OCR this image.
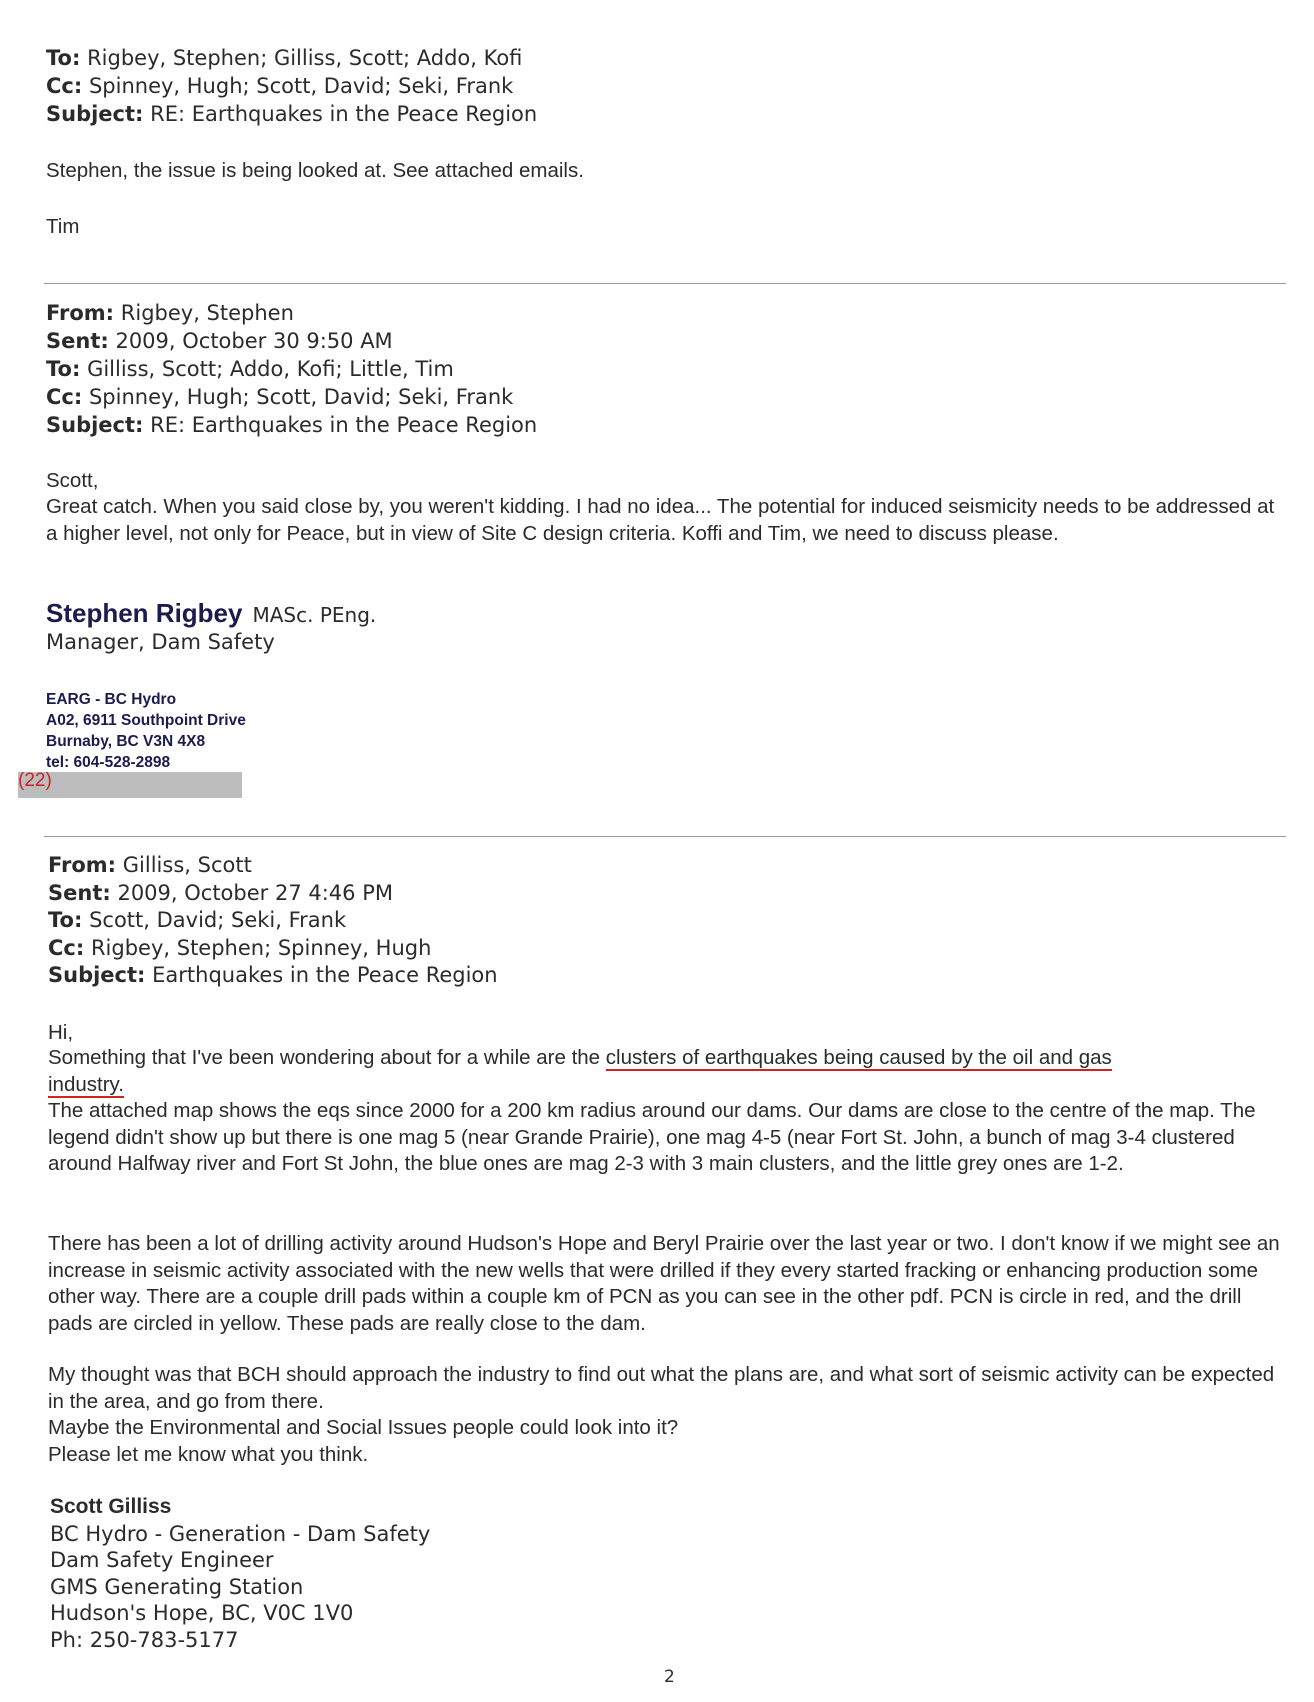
To: Rigbey, Stephen; Gilliss, Scott; Addo, Kofi
Cc: Spinney, Hugh; Scott, David; Seki, Frank
Subject: RE: Earthquakes in the Peace Region
Stephen, the issue is being looked at. See attached emails.
Tim
From: Rigbey, Stephen
Sent: 2009, October 30 9:50 AM
To: Gilliss, Scott; Addo, Kofi; Little, Tim
Cc: Spinney, Hugh; Scott, David; Seki, Frank
Subject: RE: Earthquakes in the Peace Region
Scott,
Great catch. When you said close by, you weren't kidding. I had no idea... The potential for induced seismicity needs to be addressed at a higher level, not only for Peace, but in view of Site C design criteria. Koffi and Tim, we need to discuss please.
Stephen Rigbey MASc. PEng.
Manager, Dam Safety
EARG - BC Hydro
A02, 6911 Southpoint Drive
Burnaby, BC V3N 4X8
tel: 604-528-2898
(22)
From: Gilliss, Scott
Sent: 2009, October 27 4:46 PM
To: Scott, David; Seki, Frank
Cc: Rigbey, Stephen; Spinney, Hugh
Subject: Earthquakes in the Peace Region
Hi,
Something that I've been wondering about for a while are the clusters of earthquakes being caused by the oil and gas
industry.
The attached map shows the eqs since 2000 for a 200 km radius around our dams. Our dams are close to the centre of the map. The legend didn't show up but there is one mag 5 (near Grande Prairie), one mag 4-5 (near Fort St. John, a bunch of mag 3-4 clustered around Halfway river and Fort St John, the blue ones are mag 2-3 with 3 main clusters, and the little grey ones are 1-2.
There has been a lot of drilling activity around Hudson's Hope and Beryl Prairie over the last year or two. I don't know if we might see an increase in seismic activity associated with the new wells that were drilled if they every started fracking or enhancing production some other way. There are a couple drill pads within a couple km of PCN as you can see in the other pdf. PCN is circle in red, and the drill pads are circled in yellow. These pads are really close to the dam.
My thought was that BCH should approach the industry to find out what the plans are, and what sort of seismic activity can be expected in the area, and go from there.
Maybe the Environmental and Social Issues people could look into it?
Please let me know what you think.
Scott Gilliss
BC Hydro - Generation - Dam Safety
Dam Safety Engineer
GMS Generating Station
Hudson's Hope, BC, V0C 1V0
Ph: 250-783-5177
2
